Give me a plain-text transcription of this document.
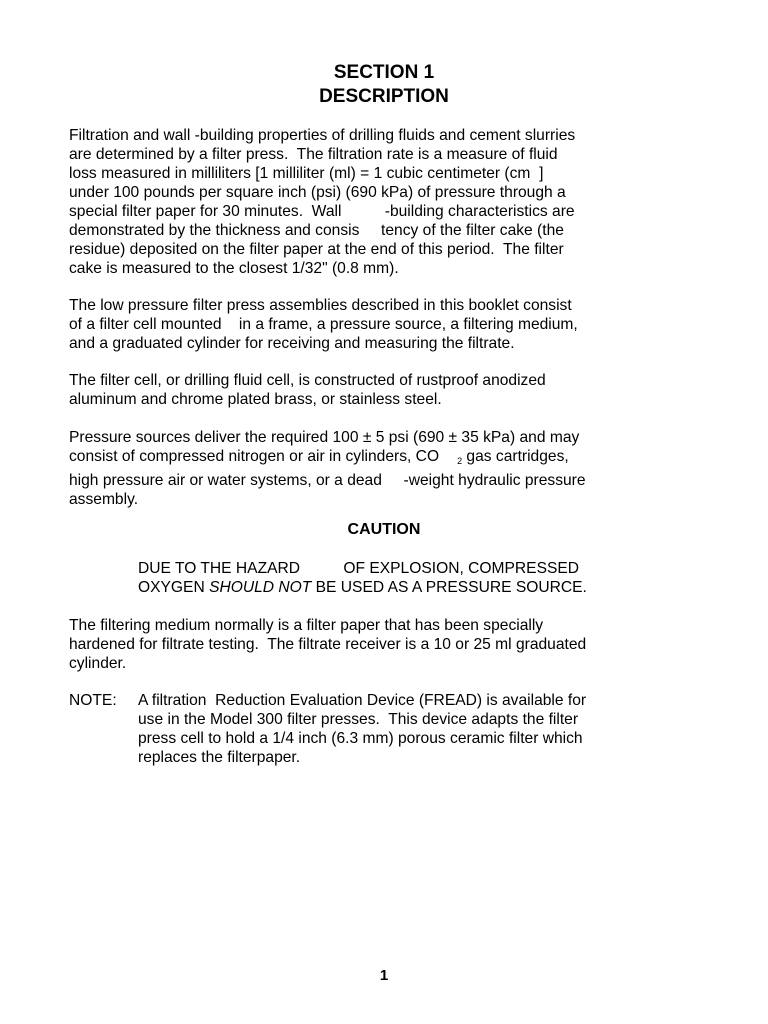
SECTION 1
DESCRIPTION
Filtration and wall -building properties of drilling fluids and cement slurries
are determined by a filter press.  The filtration rate is a measure of fluid
loss measured in milliliters [1 milliliter (ml) = 1 cubic centimeter (cm  ]
under 100 pounds per square inch (psi) (690 kPa) of pressure through a
special filter paper for 30 minutes.  Wall          -building characteristics are
demonstrated by the thickness and consis     tency of the filter cake (the
residue) deposited on the filter paper at the end of this period.  The filter
cake is measured to the closest 1/32" (0.8 mm).
The low pressure filter press assemblies described in this booklet consist
of a filter cell mounted    in a frame, a pressure source, a filtering medium,
and a graduated cylinder for receiving and measuring the filtrate.
The filter cell, or drilling fluid cell, is constructed of rustproof anodized
aluminum and chrome plated brass, or stainless steel.
Pressure sources deliver the required 100 ± 5 psi (690 ± 35 kPa) and may
consist of compressed nitrogen or air in cylinders, CO $_2$ gas cartridges,
high pressure air or water systems, or a dead     -weight hydraulic pressure
assembly.
CAUTION
DUE TO THE HAZARD          OF EXPLOSION, COMPRESSED
OXYGEN SHOULD NOT BE USED AS A PRESSURE SOURCE.
The filtering medium normally is a filter paper that has been specially
hardened for filtrate testing.  The filtrate receiver is a 10 or 25 ml graduated
cylinder.
NOTE: A filtration  Reduction Evaluation Device (FREAD) is available for
use in the Model 300 filter presses.  This device adapts the filter
press cell to hold a 1/4 inch (6.3 mm) porous ceramic filter which
replaces the filterpaper.
1
